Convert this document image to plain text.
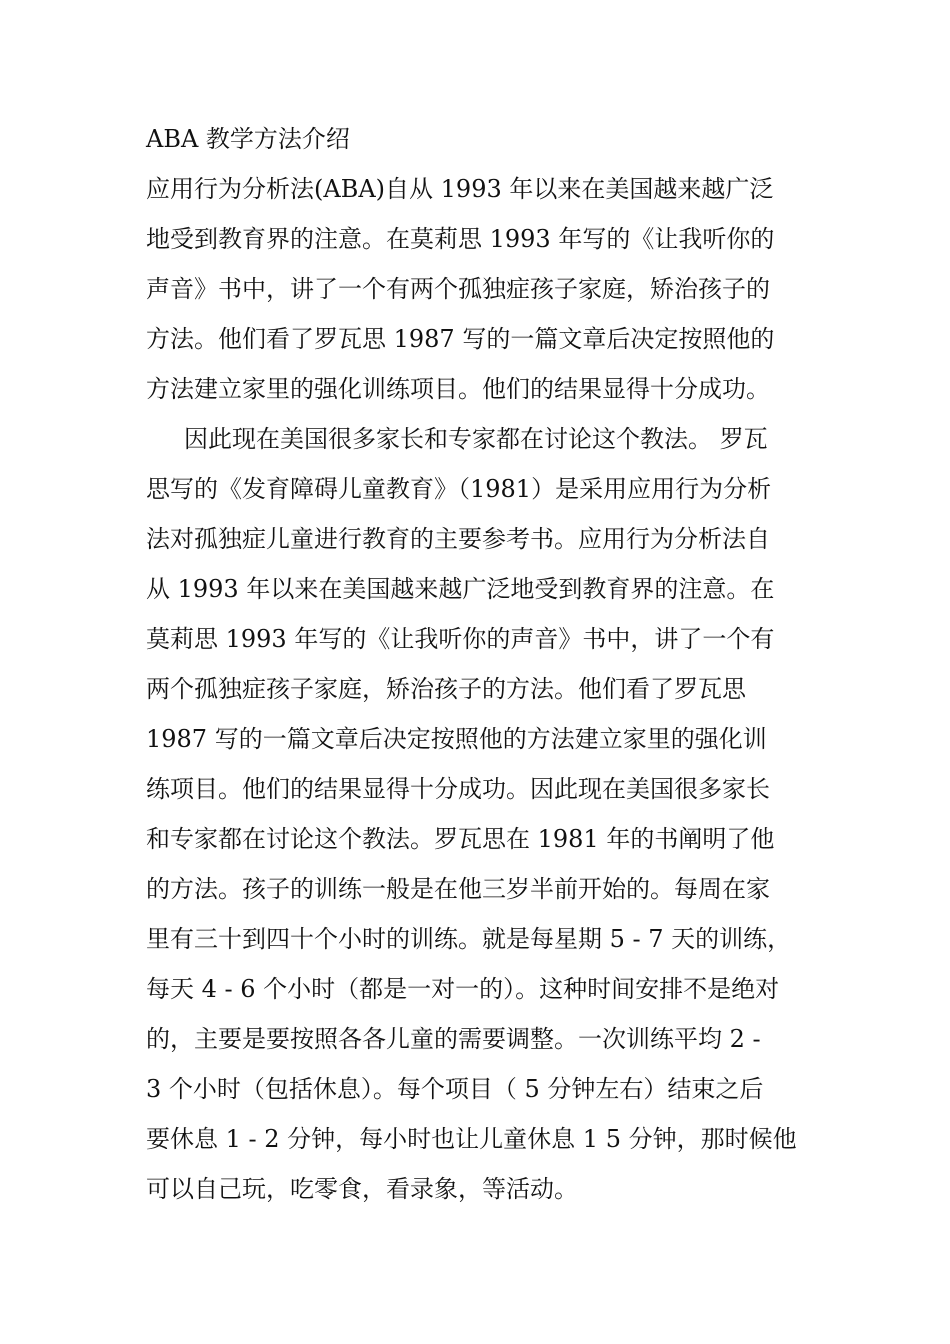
ABA 教学方法介绍
应用行为分析法(ABA)自从 1993 年以来在美国越来越广泛
地受到教育界的注意。在莫莉思 1993 年写的《让我听你的
声音》书中，讲了一个有两个孤独症孩子家庭，矫治孩子的
方法。他们看了罗瓦思 1987 写的一篇文章后决定按照他的
方法建立家里的强化训练项目。他们的结果显得十分成功。
因此现在美国很多家长和专家都在讨论这个教法。 罗瓦
思写的《发育障碍儿童教育》（1981）是采用应用行为分析
法对孤独症儿童进行教育的主要参考书。应用行为分析法自
从 1993 年以来在美国越来越广泛地受到教育界的注意。在
莫莉思 1993 年写的《让我听你的声音》书中，讲了一个有
两个孤独症孩子家庭，矫治孩子的方法。他们看了罗瓦思
1987 写的一篇文章后决定按照他的方法建立家里的强化训
练项目。他们的结果显得十分成功。因此现在美国很多家长
和专家都在讨论这个教法。罗瓦思在 1981 年的书阐明了他
的方法。孩子的训练一般是在他三岁半前开始的。每周在家
里有三十到四十个小时的训练。就是每星期 5 - 7 天的训练，
每天 4 - 6 个小时（都是一对一的）。这种时间安排不是绝对
的，主要是要按照各各儿童的需要调整。一次训练平均 2 -
3 个小时（包括休息）。每个项目（ 5 分钟左右）结束之后
要休息 1 - 2 分钟，每小时也让儿童休息 1 5 分钟，那时候他
可以自己玩，吃零食，看录象，等活动。
